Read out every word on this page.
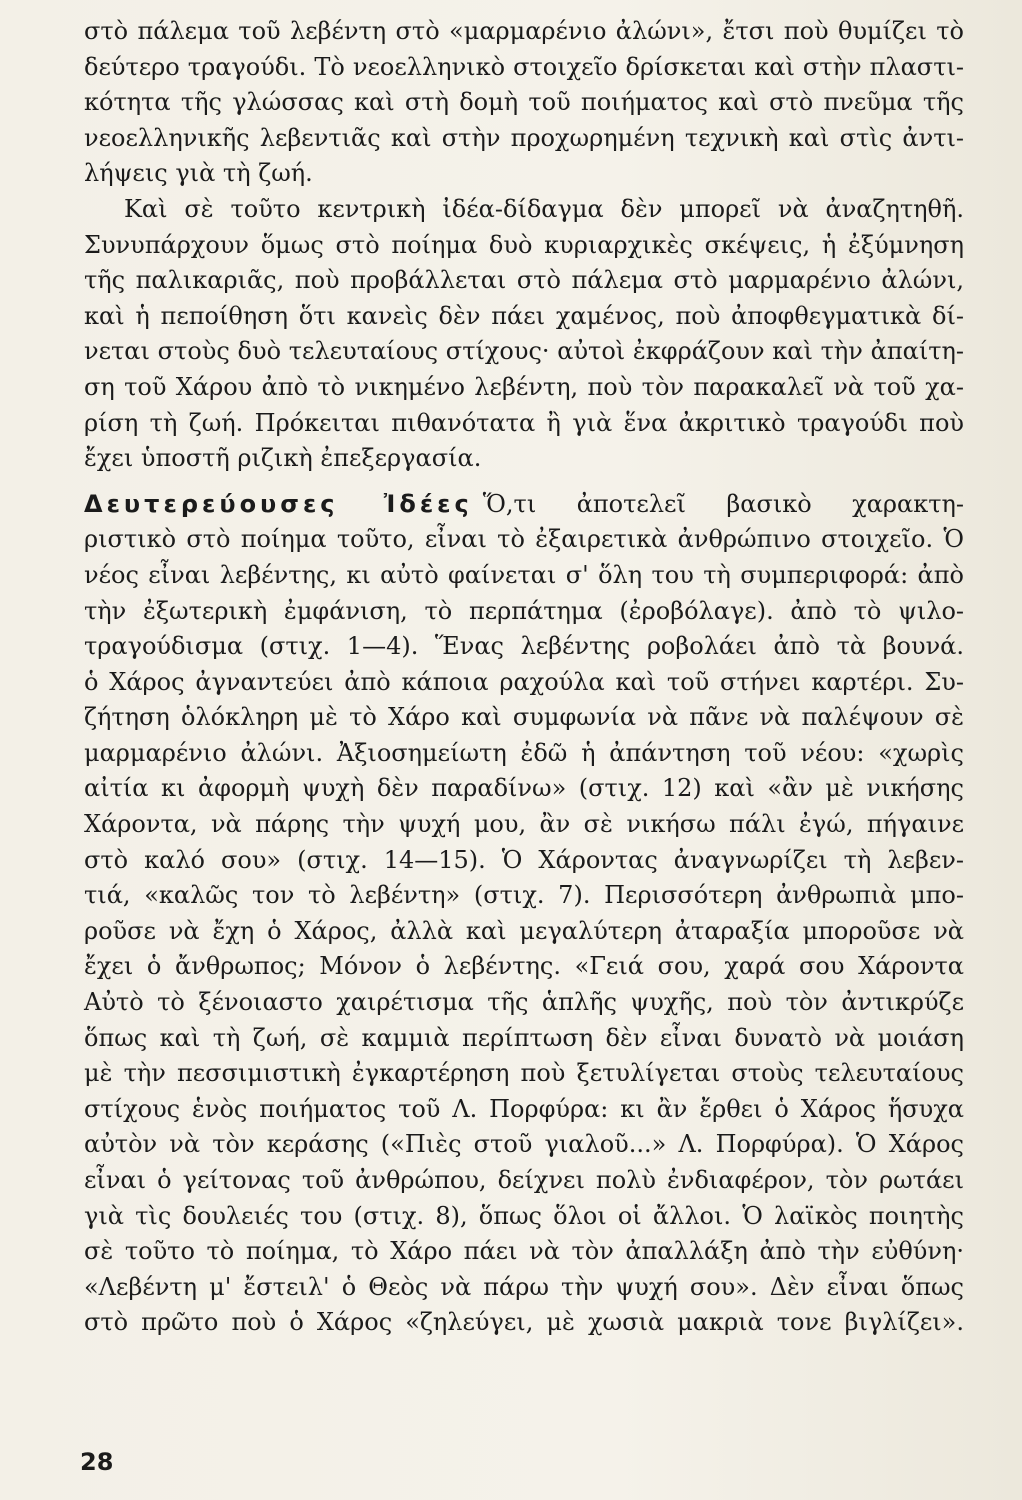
στὸ πάλεμα τοῦ λεβέντη στὸ «μαρμαρένιο ἀλώνι», ἔτσι ποὺ θυμίζει τὸ
δεύτερο τραγούδι. Τὸ νεοελληνικὸ στοιχεῖο δρίσκεται καὶ στὴν πλαστι-
κότητα τῆς γλώσσας καὶ στὴ δομὴ τοῦ ποιήματος καὶ στὸ πνεῦμα τῆς
νεοελληνικῆς λεβεντιᾶς καὶ στὴν προχωρημένη τεχνικὴ καὶ στὶς ἀντι-
λήψεις γιὰ τὴ ζωή.
Καὶ σὲ τοῦτο κεντρικὴ ἰδέα-δίδαγμα δὲν μπορεῖ νὰ ἀναζητηθῆ.
Συνυπάρχουν ὅμως στὸ ποίημα δυὸ κυριαρχικὲς σκέψεις, ἡ ἐξύμνηση
τῆς παλικαριᾶς, ποὺ προβάλλεται στὸ πάλεμα στὸ μαρμαρένιο ἀλώνι,
καὶ ἡ πεποίθηση ὅτι κανεὶς δὲν πάει χαμένος, ποὺ ἀποφθεγματικὰ δί-
νεται στοὺς δυὸ τελευταίους στίχους· αὐτοὶ ἐκφράζουν καὶ τὴν ἀπαίτη-
ση τοῦ Χάρου ἀπὸ τὸ νικημένο λεβέντη, ποὺ τὸν παρακαλεῖ νὰ τοῦ χα-
ρίση τὴ ζωή. Πρόκειται πιθανότατα ἢ γιὰ ἕνα ἀκριτικὸ τραγούδι ποὺ
ἔχει ὑποστῆ ριζικὴ ἐπεξεργασία.
Δευτερεύουσες Ἰδέες Ὅ,τι ἀποτελεῖ βασικὸ χαρακτη-
ριστικὸ στὸ ποίημα τοῦτο, εἶναι τὸ ἐξαιρετικὰ ἀνθρώπινο στοιχεῖο. Ὁ
νέος εἶναι λεβέντης, κι αὐτὸ φαίνεται σ' ὅλη του τὴ συμπεριφορά: ἀπὸ
τὴν ἐξωτερικὴ ἐμφάνιση, τὸ περπάτημα (ἐροβόλαγε). ἀπὸ τὸ ψιλο-
τραγούδισμα (στιχ. 1—4). Ἕνας λεβέντης ροβολάει ἀπὸ τὰ βουνά.
ὁ Χάρος ἀγναντεύει ἀπὸ κάποια ραχούλα καὶ τοῦ στήνει καρτέρι. Συ-
ζήτηση ὁλόκληρη μὲ τὸ Χάρο καὶ συμφωνία νὰ πᾶνε νὰ παλέψουν σὲ
μαρμαρένιο ἀλώνι. Ἀξιοσημείωτη ἐδῶ ἡ ἀπάντηση τοῦ νέου: «χωρὶς
αἰτία κι ἀφορμὴ ψυχὴ δὲν παραδίνω» (στιχ. 12) καὶ «ἂν μὲ νικήσης
Χάροντα, νὰ πάρης τὴν ψυχή μου, ἂν σὲ νικήσω πάλι ἐγώ, πήγαινε
στὸ καλό σου» (στιχ. 14—15). Ὁ Χάροντας ἀναγνωρίζει τὴ λεβεν-
τιά, «καλῶς τον τὸ λεβέντη» (στιχ. 7). Περισσότερη ἀνθρωπιὰ μπο-
ροῦσε νὰ ἔχη ὁ Χάρος, ἀλλὰ καὶ μεγαλύτερη ἀταραξία μποροῦσε νὰ
ἔχει ὁ ἄνθρωπος; Μόνον ὁ λεβέντης. «Γειά σου, χαρά σου Χάροντα
Αὐτὸ τὸ ξένοιαστο χαιρέτισμα τῆς ἁπλῆς ψυχῆς, ποὺ τὸν ἀντικρύζε
ὅπως καὶ τὴ ζωή, σὲ καμμιὰ περίπτωση δὲν εἶναι δυνατὸ νὰ μοιάση
μὲ τὴν πεσσιμιστικὴ ἐγκαρτέρηση ποὺ ξετυλίγεται στοὺς τελευταίους
στίχους ἑνὸς ποιήματος τοῦ Λ. Πορφύρα: κι ἂν ἔρθει ὁ Χάρος ἥσυχα
αὐτὸν νὰ τὸν κεράσης («Πιὲς στοῦ γιαλοῦ...» Λ. Πορφύρα). Ὁ Χάρος
εἶναι ὁ γείτονας τοῦ ἀνθρώπου, δείχνει πολὺ ἐνδιαφέρον, τὸν ρωτάει
γιὰ τὶς δουλειές του (στιχ. 8), ὅπως ὅλοι οἱ ἄλλοι. Ὁ λαϊκὸς ποιητὴς
σὲ τοῦτο τὸ ποίημα, τὸ Χάρο πάει νὰ τὸν ἀπαλλάξη ἀπὸ τὴν εὐθύνη·
«Λεβέντη μ' ἔστειλ' ὁ Θεὸς νὰ πάρω τὴν ψυχή σου». Δὲν εἶναι ὅπως
στὸ πρῶτο ποὺ ὁ Χάρος «ζηλεύγει, μὲ χωσιὰ μακριὰ τονε βιγλίζει».
28
